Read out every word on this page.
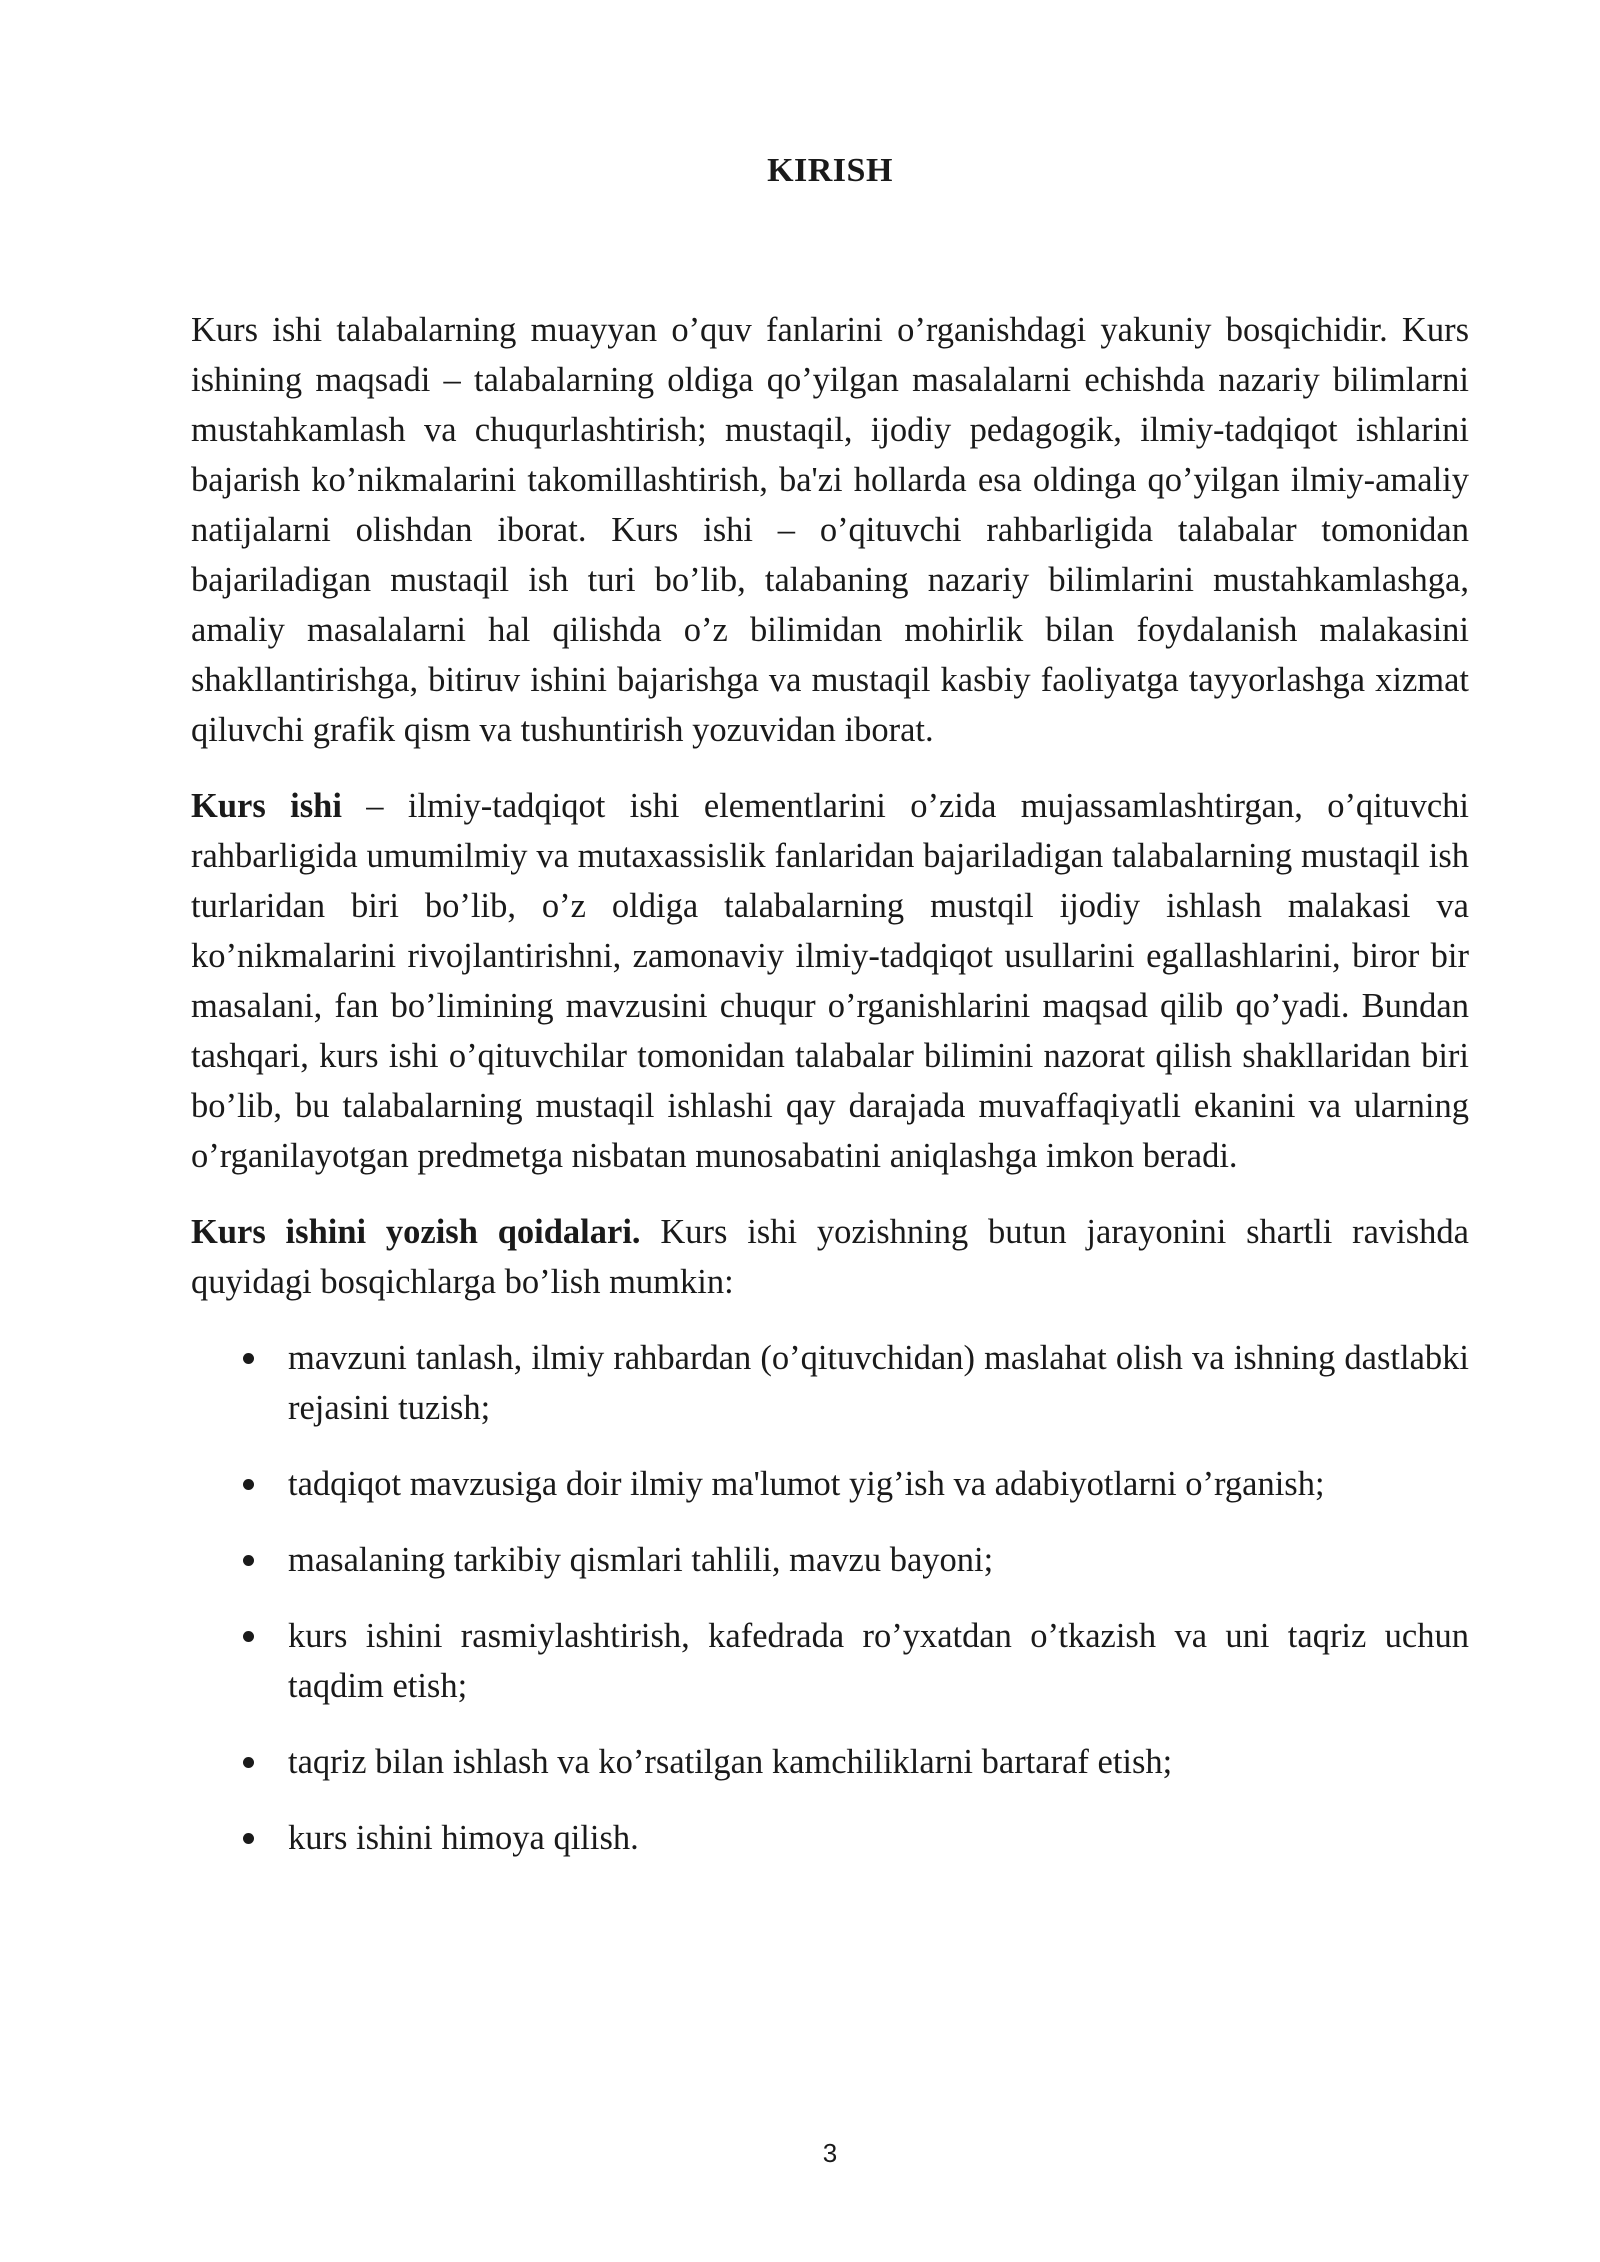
KIRISH

Kurs ishi talabalarning muayyan o’quv fanlarini o’rganishdagi yakuniy bosqichidir. Kurs ishining maqsadi – talabalarning oldiga qo’yilgan masalalarni echishda nazariy bilimlarni mustahkamlash va chuqurlashtirish; mustaqil, ijodiy pedagogik, ilmiy-tadqiqot ishlarini bajarish ko’nikmalarini takomillashtirish, ba'zi hollarda esa oldinga qo’yilgan ilmiy-amaliy natijalarni olishdan iborat. Kurs ishi – o’qituvchi rahbarligida talabalar tomonidan bajariladigan mustaqil ish turi bo’lib, talabaning nazariy bilimlarini mustahkamlashga, amaliy masalalarni hal qilishda o’z bilimidan mohirlik bilan foydalanish malakasini shakllantirishga, bitiruv ishini bajarishga va mustaqil kasbiy faoliyatga tayyorlashga xizmat qiluvchi grafik qism va tushuntirish yozuvidan iborat.

Kurs ishi – ilmiy-tadqiqot ishi elementlarini o’zida mujassamlashtirgan, o’qituvchi rahbarligida umumilmiy va mutaxassislik fanlaridan bajariladigan talabalarning mustaqil ish turlaridan biri bo’lib, o’z oldiga talabalarning mustqil ijodiy ishlash malakasi va ko’nikmalarini rivojlantirishni, zamonaviy ilmiy-tadqiqot usullarini egallashlarini, biror bir masalani, fan bo’limining mavzusini chuqur o’rganishlarini maqsad qilib qo’yadi. Bundan tashqari, kurs ishi o’qituvchilar tomonidan talabalar bilimini nazorat qilish shakllaridan biri bo’lib, bu talabalarning mustaqil ishlashi qay darajada muvaffaqiyatli ekanini va ularning o’rganilayotgan predmetga nisbatan munosabatini aniqlashga imkon beradi.

Kurs ishini yozish qoidalari. Kurs ishi yozishning butun jarayonini shartli ravishda quyidagi bosqichlarga bo’lish mumkin:

mavzuni tanlash, ilmiy rahbardan (o’qituvchidan) maslahat olish va ishning dastlabki rejasini tuzish;
tadqiqot mavzusiga doir ilmiy ma'lumot yig’ish va adabiyotlarni o’rganish;
masalaning tarkibiy qismlari tahlili, mavzu bayoni;
kurs ishini rasmiylashtirish, kafedrada ro’yxatdan o’tkazish va uni taqriz uchun taqdim etish;
taqriz bilan ishlash va ko’rsatilgan kamchiliklarni bartaraf etish;
kurs ishini himoya qilish.
3
